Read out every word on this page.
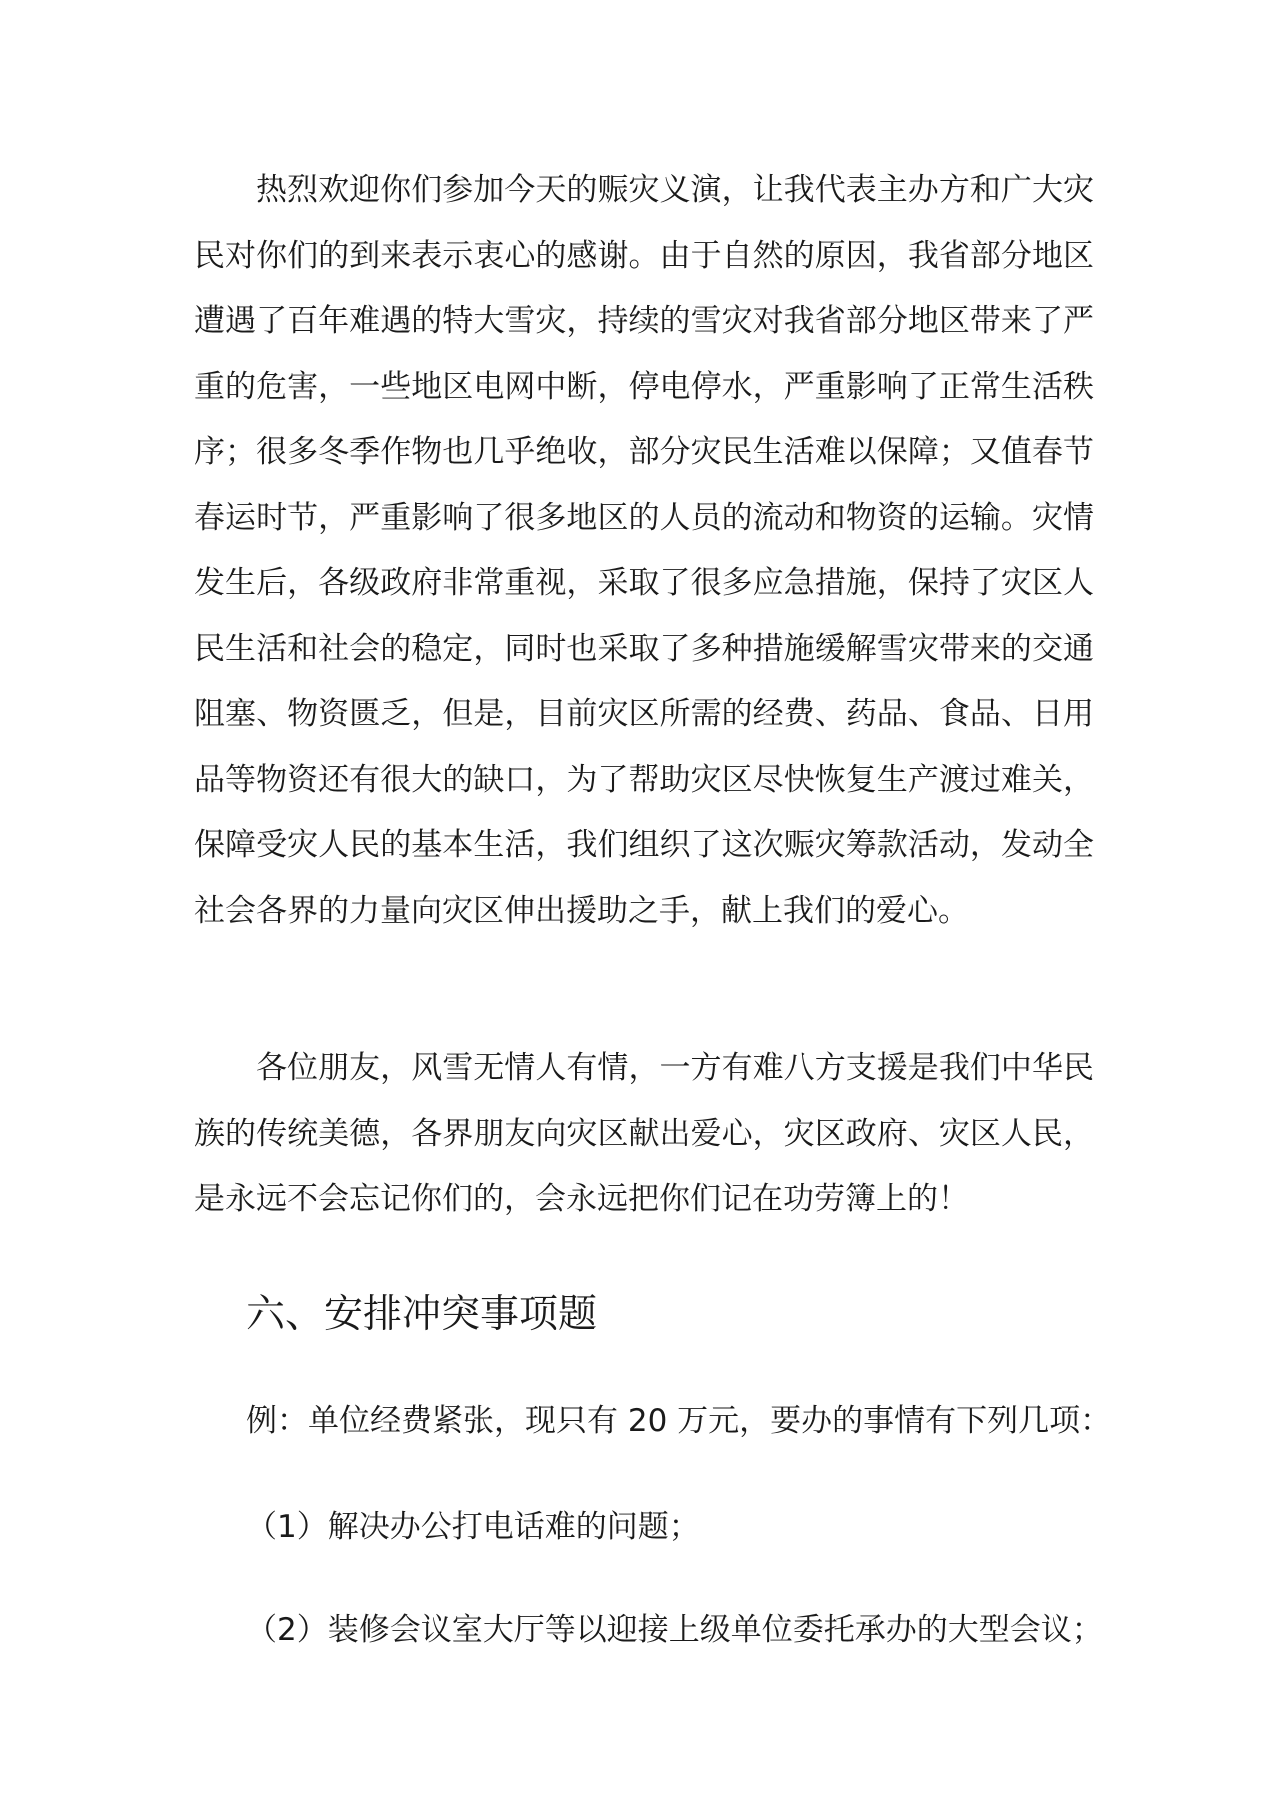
热烈欢迎你们参加今天的赈灾义演，让我代表主办方和广大灾民对你们的到来表示衷心的感谢。由于自然的原因，我省部分地区遭遇了百年难遇的特大雪灾，持续的雪灾对我省部分地区带来了严重的危害，一些地区电网中断，停电停水，严重影响了正常生活秩序；很多冬季作物也几乎绝收，部分灾民生活难以保障；又值春节春运时节，严重影响了很多地区的人员的流动和物资的运输。灾情发生后，各级政府非常重视，采取了很多应急措施，保持了灾区人民生活和社会的稳定，同时也采取了多种措施缓解雪灾带来的交通阻塞、物资匮乏，但是，目前灾区所需的经费、药品、食品、日用品等物资还有很大的缺口，为了帮助灾区尽快恢复生产渡过难关，保障受灾人民的基本生活，我们组织了这次赈灾筹款活动，发动全社会各界的力量向灾区伸出援助之手，献上我们的爱心。

各位朋友，风雪无情人有情，一方有难八方支援是我们中华民族的传统美德，各界朋友向灾区献出爱心，灾区政府、灾区人民，是永远不会忘记你们的，会永远把你们记在功劳簿上的！

六、安排冲突事项题

例：单位经费紧张，现只有 20 万元，要办的事情有下列几项：

（1）解决办公打电话难的问题；

（2）装修会议室大厅等以迎接上级单位委托承办的大型会议；
